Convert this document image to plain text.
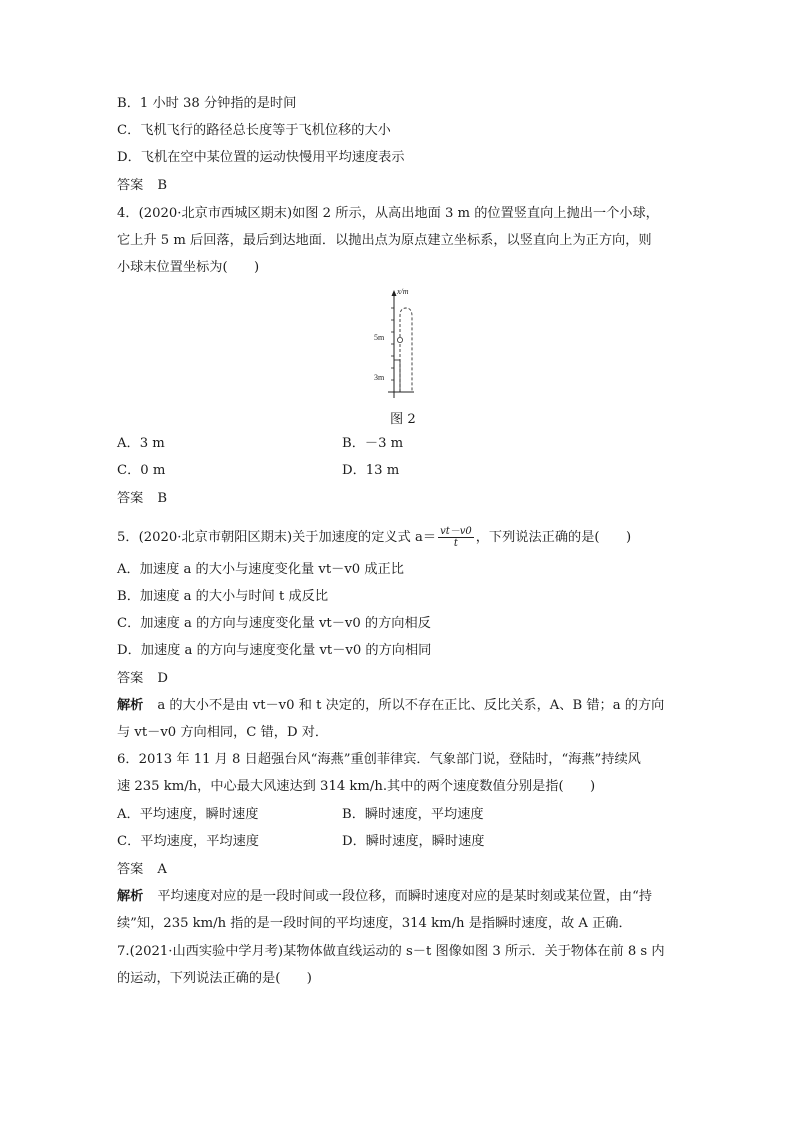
B．1 小时 38 分钟指的是时间
C．飞机飞行的路径总长度等于飞机位移的大小
D．飞机在空中某位置的运动快慢用平均速度表示
答案 B
4．(2020·北京市西城区期末)如图 2 所示，从高出地面 3 m 的位置竖直向上抛出一个小球，
它上升 5 m 后回落，最后到达地面．以抛出点为原点建立坐标系，以竖直向上为正方向，则
小球末位置坐标为(　　)
x/m
5m
3m
图 2
A．3 m	B．－3 m
C．0 m	D．13 m
答案 B
5．(2020·北京市朝阳区期末)关于加速度的定义式 $a= \frac{vt-v0}{t}$ ，下列说法正确的是(　　)
A．加速度 a 的大小与速度变化量 vt－v0 成正比
B．加速度 a 的大小与时间 t 成反比
C．加速度 a 的方向与速度变化量 vt－v0 的方向相反
D．加速度 a 的方向与速度变化量 vt－v0 的方向相同
答案 D
解析 a 的大小不是由 vt－v0 和 t 决定的，所以不存在正比、反比关系，A、B 错；a 的方向
与 vt－v0 方向相同，C 错，D 对．
6．2013 年 11 月 8 日超强台风“海燕”重创菲律宾．气象部门说，登陆时，“海燕”持续风
速 235 km/h，中心最大风速达到 314 km/h.其中的两个速度数值分别是指(　　)
A．平均速度，瞬时速度	B．瞬时速度，平均速度
C．平均速度，平均速度	D．瞬时速度，瞬时速度
答案 A
解析 平均速度对应的是一段时间或一段位移，而瞬时速度对应的是某时刻或某位置，由“持
续”知，235 km/h 指的是一段时间的平均速度，314 km/h 是指瞬时速度，故 A 正确．
7.(2021·山西实验中学月考)某物体做直线运动的 s－t 图像如图 3 所示．关于物体在前 8 s 内
的运动，下列说法正确的是(　　)
